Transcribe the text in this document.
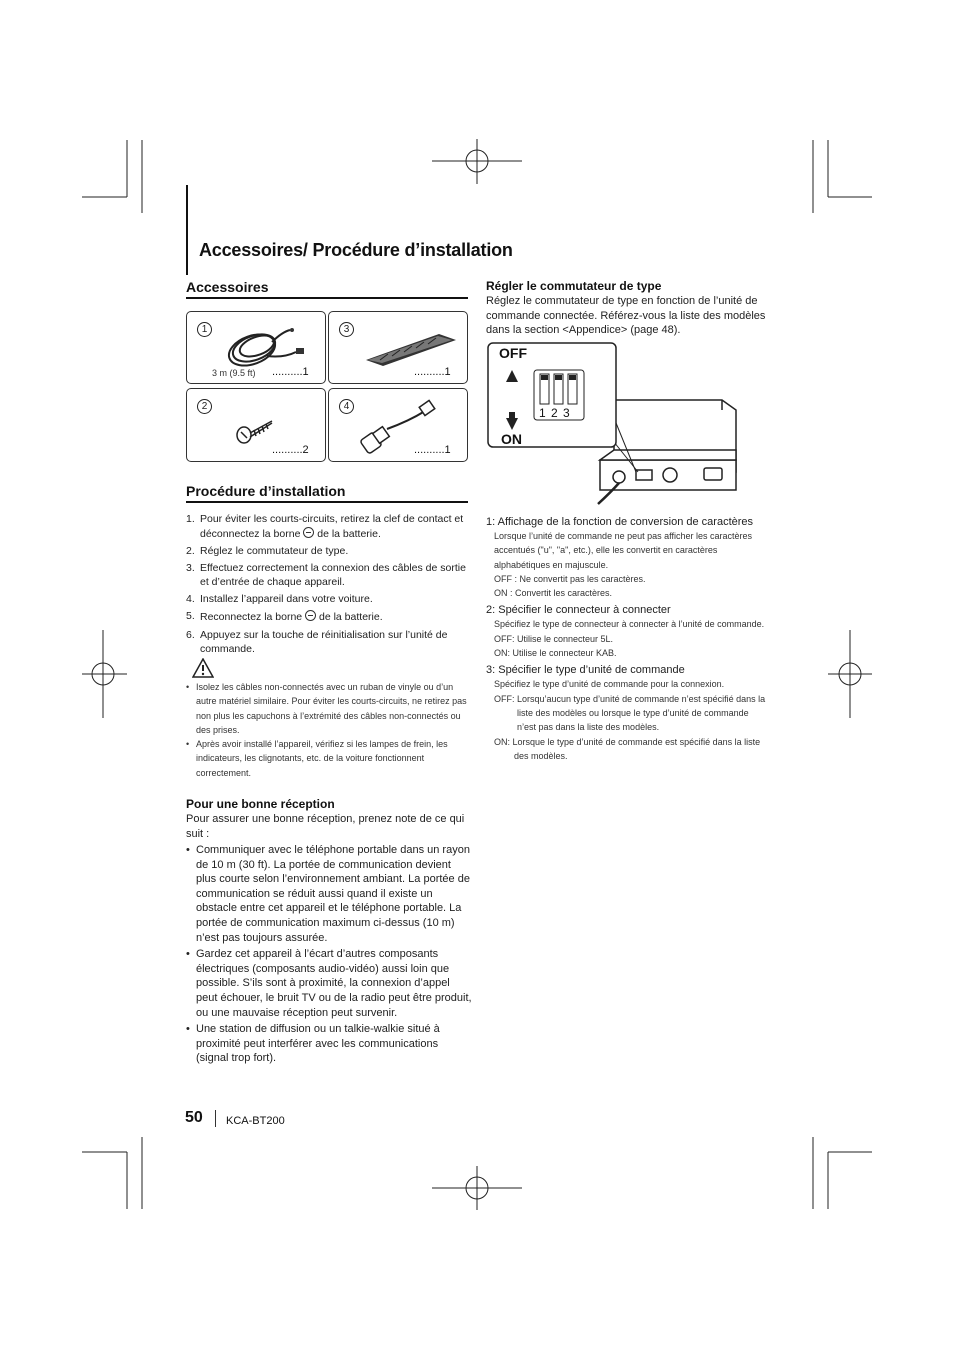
Accessoires/ Procédure d’installation
Accessoires
1
3 m (9.5 ft) ..........1
3
..........1
2
..........2
4
..........1
Procédure d’installation
1. Pour éviter les courts-circuits, retirez la clef de contact et déconnectez la borne  de la batterie.
2. Réglez le commutateur de type.
3. Effectuez correctement la connexion des câbles de sortie et d’entrée de chaque appareil.
4. Installez l’appareil dans votre voiture.
5. Reconnectez la borne  de la batterie.
6. Appuyez sur la touche de réinitialisation sur l’unité de commande.
• Isolez les câbles non-connectés avec un ruban de vinyle ou d’un autre matériel similaire. Pour éviter les courts-circuits, ne retirez pas non plus les capuchons à l’extrémité des câbles non-connectés ou des prises.
• Après avoir installé l’appareil, vérifiez si les lampes de frein, les indicateurs, les clignotants, etc. de la voiture fonctionnent correctement.
Pour une bonne réception
Pour assurer une bonne réception, prenez note de ce qui suit :
• Communiquer avec le téléphone portable dans un rayon de 10 m (30 ft). La portée de communication devient plus courte selon l’environnement ambiant. La portée de communication se réduit aussi quand il existe un obstacle entre cet appareil et le téléphone portable. La portée de communication maximum ci-dessus (10 m) n’est pas toujours assurée.
• Gardez cet appareil à l’écart d’autres composants électriques (composants audio-vidéo) aussi loin que possible. S’ils sont à proximité, la connexion d’appel peut échouer, le bruit TV ou de la radio peut être produit, ou une mauvaise réception peut survenir.
• Une station de diffusion ou un talkie-walkie situé à proximité peut interférer avec les communications (signal trop fort).
Régler le commutateur de type
Réglez le commutateur de type en fonction de l’unité de commande connectée. Référez-vous la liste des modèles dans la section <Appendice> (page 48).
OFF
ON
1 2 3
1: Affichage de la fonction de conversion de caractères
Lorsque l’unité de commande ne peut pas afficher les caractères accentués ("u", "a", etc.), elle les convertit en caractères alphabétiques en majuscule.
OFF : Ne convertit pas les caractères.
ON : Convertit les caractères.
2: Spécifier le connecteur à connecter
Spécifiez le type de connecteur à connecter à l’unité de commande.
OFF: Utilise le connecteur 5L.
ON: Utilise le connecteur KAB.
3: Spécifier le type d’unité de commande
Spécifiez le type d’unité de commande pour la connexion.
OFF: Lorsqu’aucun type d’unité de commande n’est spécifié dans la liste des modèles ou lorsque le type d’unité de commande n’est pas dans la liste des modèles.
ON: Lorsque le type d’unité de commande est spécifié dans la liste des modèles.
50 KCA-BT200
